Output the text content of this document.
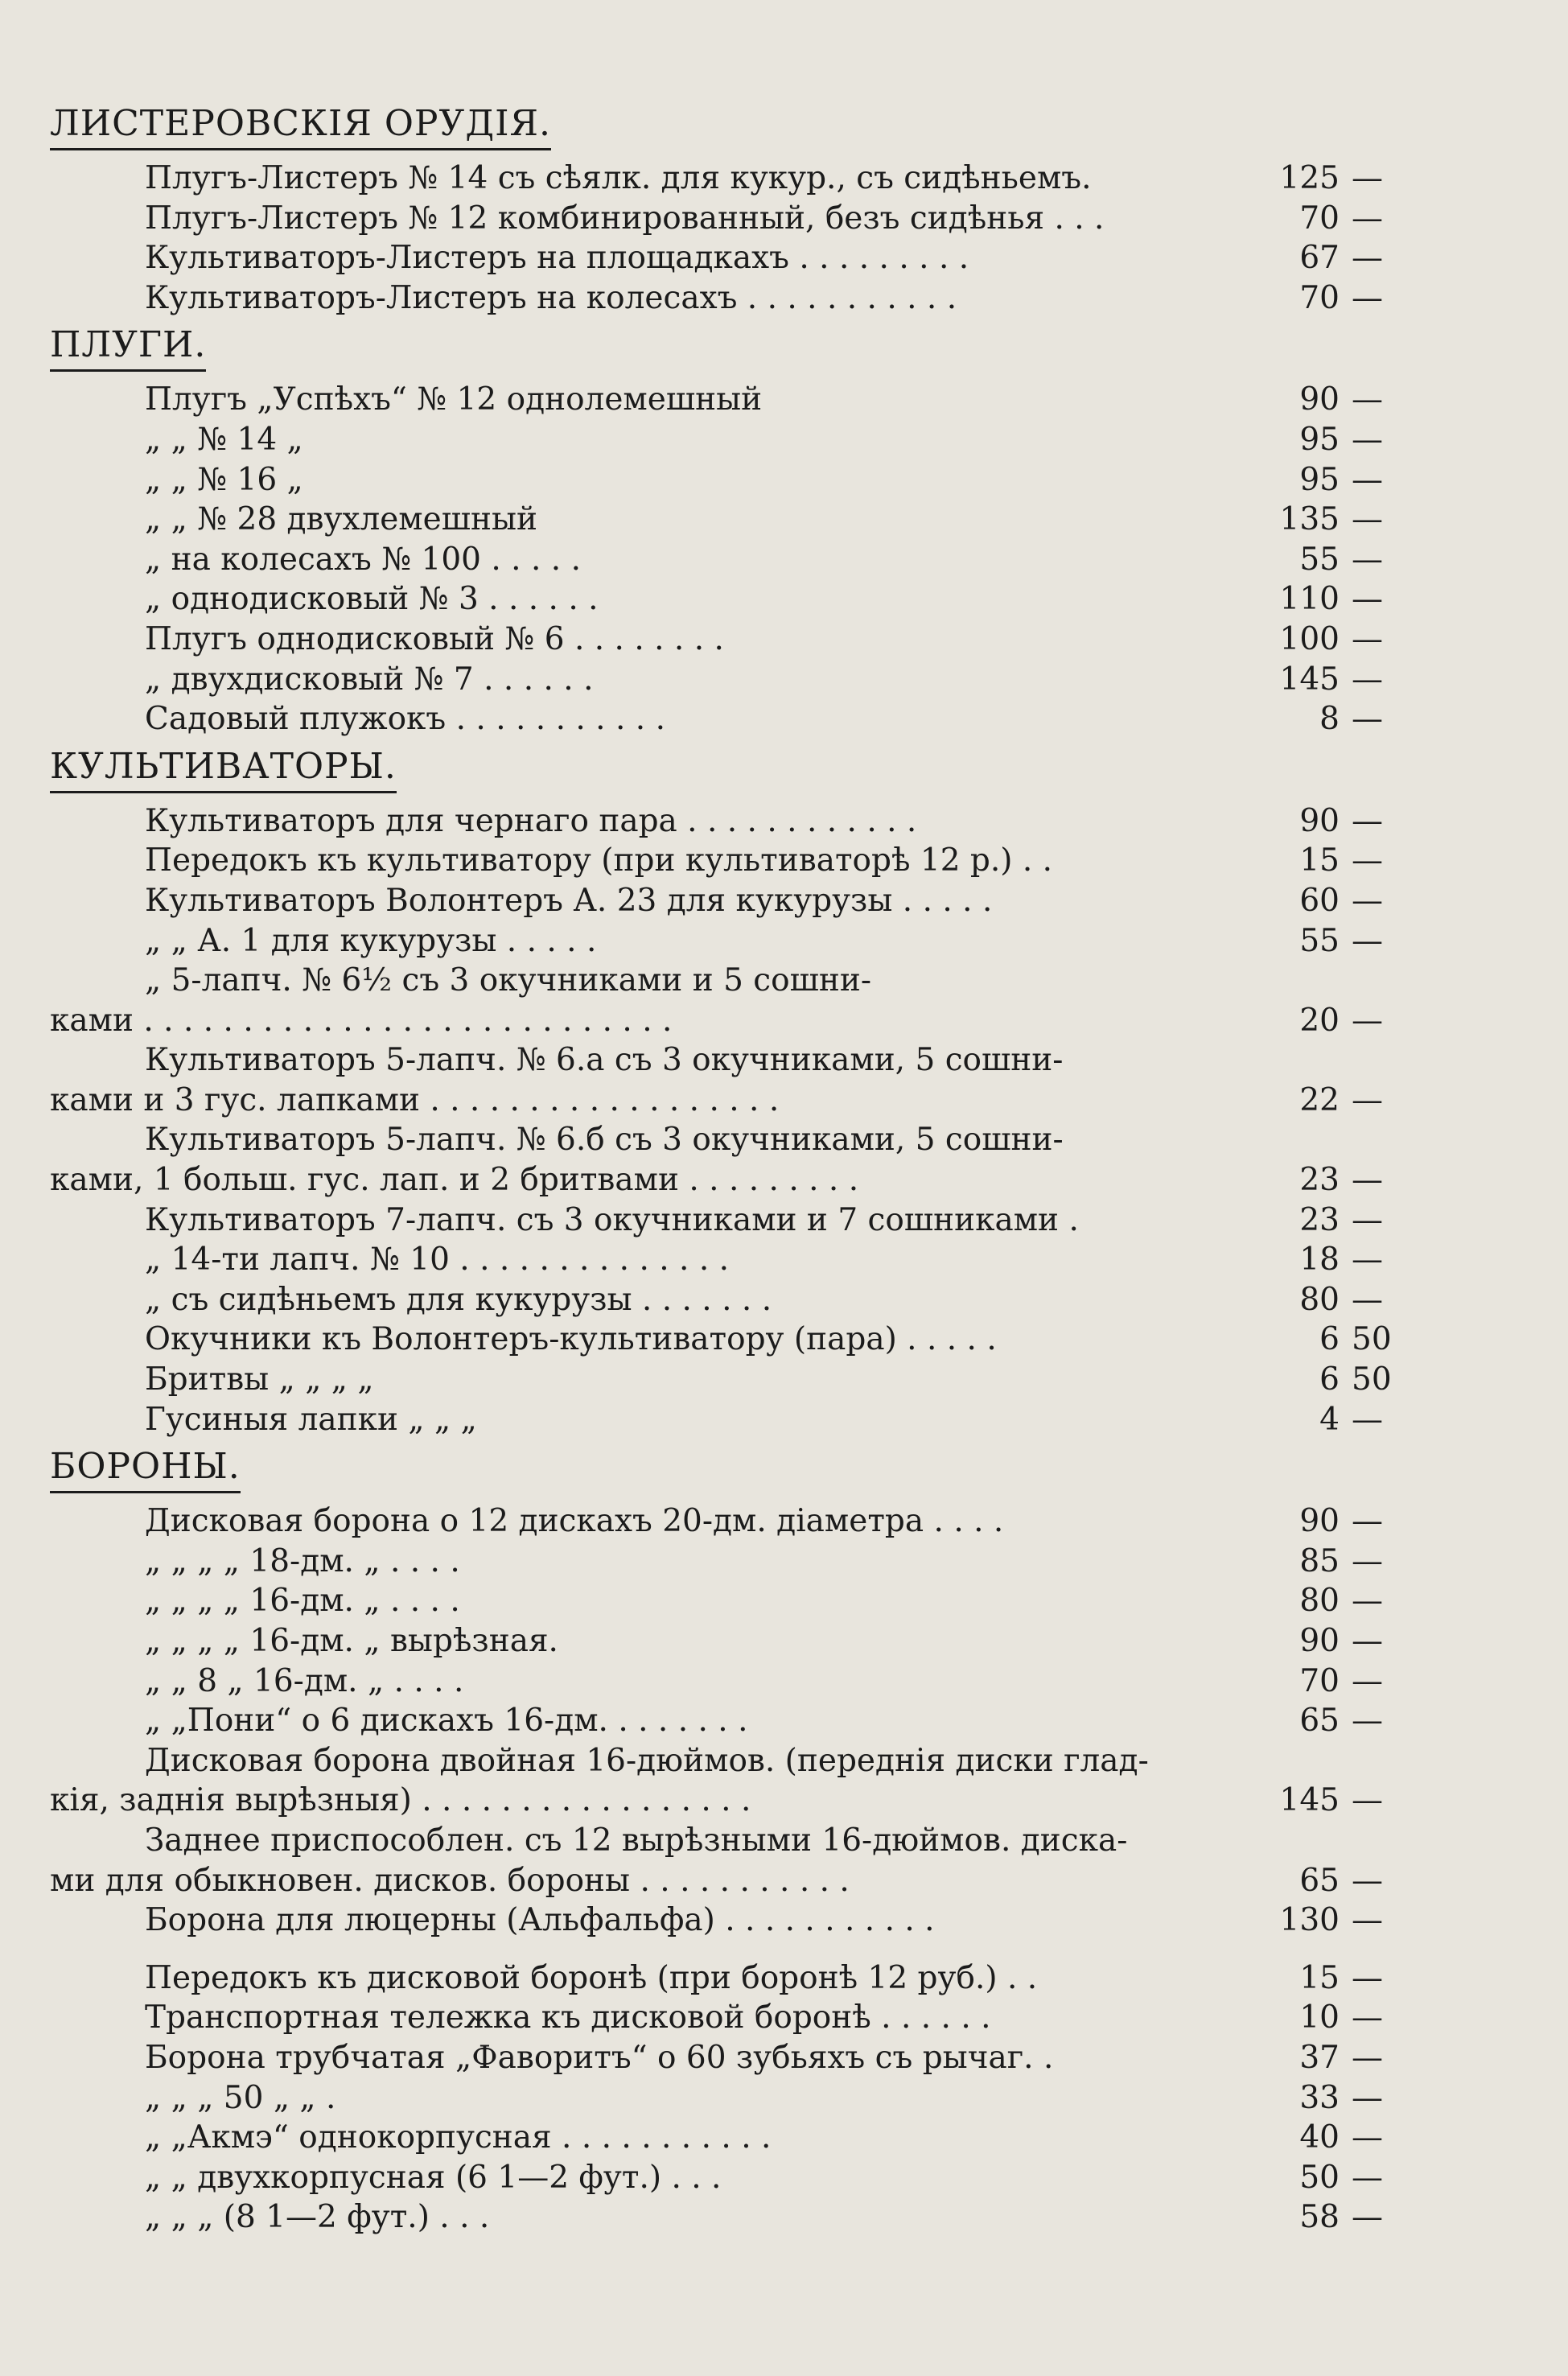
ЛИСТЕРОВСКІЯ ОРУДІЯ.
Плугъ-Листеръ № 14 съ сѣялк. для кукур., съ сидѣньемъ.	125 —
Плугъ-Листеръ № 12 комбинированный, безъ сидѣнья . . .	70 —
Культиваторъ-Листеръ на площадкахъ . . . . . . . . .	67 —
Культиваторъ-Листеръ на колесахъ . . . . . . . . . . .	70 —
ПЛУГИ.
Плугъ „Успѣхъ“ № 12 однолемешный	90 —
„ „ № 14 „	95 —
„ „ № 16 „	95 —
„ „ № 28 двухлемешный	135 —
„ на колесахъ № 100 . . . . .	55 —
„ однодисковый № 3 . . . . . .	110 —
Плугъ однодисковый № 6 . . . . . . . .	100 —
„ двухдисковый № 7 . . . . . .	145 —
Садовый плужокъ . . . . . . . . . . .	8 —
КУЛЬТИВАТОРЫ.
Культиваторъ для чернаго пара . . . . . . . . . . . .	90 —
Передокъ къ культиватору (при культиваторѣ 12 р.) . .	15 —
Культиваторъ Волонтеръ А. 23 для кукурузы . . . . .	60 —
„ „ А. 1 для кукурузы . . . . .	55 —
„ 5-лапч. № 6½ съ 3 окучниками и 5 сошни-
ками . . . . . . . . . . . . . . . . . . . . . . . . . . .	20 —
Культиваторъ 5-лапч. № 6.а съ 3 окучниками, 5 сошни-
ками и 3 гус. лапками . . . . . . . . . . . . . . . . . .	22 —
Культиваторъ 5-лапч. № 6.б съ 3 окучниками, 5 сошни-
ками, 1 больш. гус. лап. и 2 бритвами . . . . . . . . .	23 —
Культиваторъ 7-лапч. съ 3 окучниками и 7 сошниками .	23 —
„ 14-ти лапч. № 10 . . . . . . . . . . . . . .	18 —
„ съ сидѣньемъ для кукурузы . . . . . . .	80 —
Окучники къ Волонтеръ-культиватору (пара) . . . . .	6 50
Бритвы „ „ „ „	6 50
Гусиныя лапки „ „ „	4 —
БОРОНЫ.
Дисковая борона о 12 дискахъ 20-дм. діаметра . . . .	90 —
„ „ „ „ 18-дм. „ . . . .	85 —
„ „ „ „ 16-дм. „ . . . .	80 —
„ „ „ „ 16-дм. „ вырѣзная.	90 —
„ „ 8 „ 16-дм. „ . . . .	70 —
„ „Пони“ о 6 дискахъ 16-дм. . . . . . . .	65 —
Дисковая борона двойная 16-дюймов. (переднія диски глад-
кія, заднія вырѣзныя) . . . . . . . . . . . . . . . . .	145 —
Заднее приспособлен. съ 12 вырѣзными 16-дюймов. диска-
ми для обыкновен. дисков. бороны . . . . . . . . . . .	65 —
Борона для люцерны (Альфальфа) . . . . . . . . . . .	130 —
Передокъ къ дисковой боронѣ (при боронѣ 12 руб.) . .	15 —
Транспортная тележка къ дисковой боронѣ . . . . . .	10 —
Борона трубчатая „Фаворитъ“ о 60 зубьяхъ съ рычаг. .	37 —
„ „ „ 50 „ „ .	33 —
„ „Акмэ“ однокорпусная . . . . . . . . . . .	40 —
„ „ двухкорпусная (6 1—2 фут.) . . .	50 —
„ „ „ (8 1—2 фут.) . . .	58 —
